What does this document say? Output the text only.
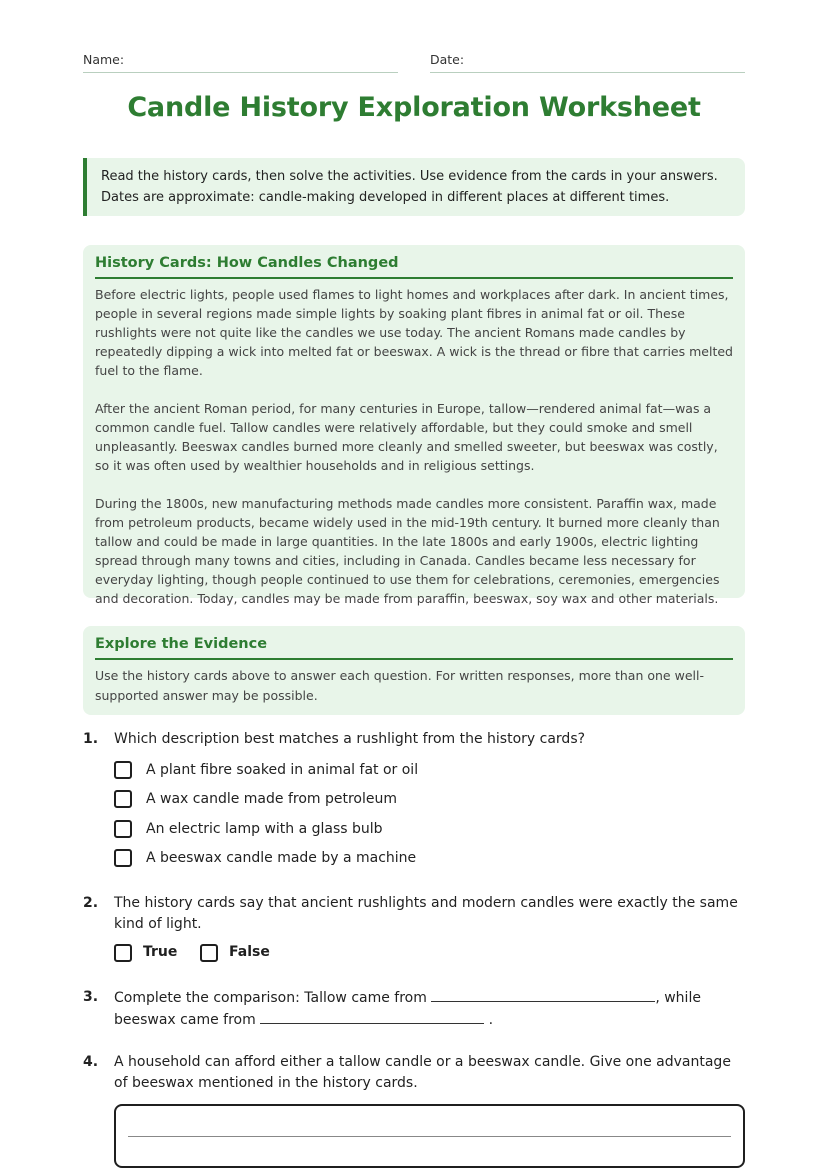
Name:	Date:
Candle History Exploration Worksheet
Read the history cards, then solve the activities. Use evidence from the cards in your answers. Dates are approximate: candle-making developed in different places at different times.
History Cards: How Candles Changed

Before electric lights, people used flames to light homes and workplaces after dark. In ancient times, people in several regions made simple lights by soaking plant fibres in animal fat or oil. These rushlights were not quite like the candles we use today. The ancient Romans made candles by repeatedly dipping a wick into melted fat or beeswax. A wick is the thread or fibre that carries melted fuel to the flame.

After the ancient Roman period, for many centuries in Europe, tallow—rendered animal fat—was a common candle fuel. Tallow candles were relatively affordable, but they could smoke and smell unpleasantly. Beeswax candles burned more cleanly and smelled sweeter, but beeswax was costly, so it was often used by wealthier households and in religious settings.

During the 1800s, new manufacturing methods made candles more consistent. Paraffin wax, made from petroleum products, became widely used in the mid-19th century. It burned more cleanly than tallow and could be made in large quantities. In the late 1800s and early 1900s, electric lighting spread through many towns and cities, including in Canada. Candles became less necessary for everyday lighting, though people continued to use them for celebrations, ceremonies, emergencies and decoration. Today, candles may be made from paraffin, beeswax, soy wax and other materials.

Explore the Evidence

Use the history cards above to answer each question. For written responses, more than one well-supported answer may be possible.

1. Which description best matches a rushlight from the history cards?
A plant fibre soaked in animal fat or oil
A wax candle made from petroleum
An electric lamp with a glass bulb
A beeswax candle made by a machine
2. The history cards say that ancient rushlights and modern candles were exactly the same kind of light.
True	False
3. Complete the comparison: Tallow came from	, while beeswax came from	.
4. A household can afford either a tallow candle or a beeswax candle. Give one advantage of beeswax mentioned in the history cards.
